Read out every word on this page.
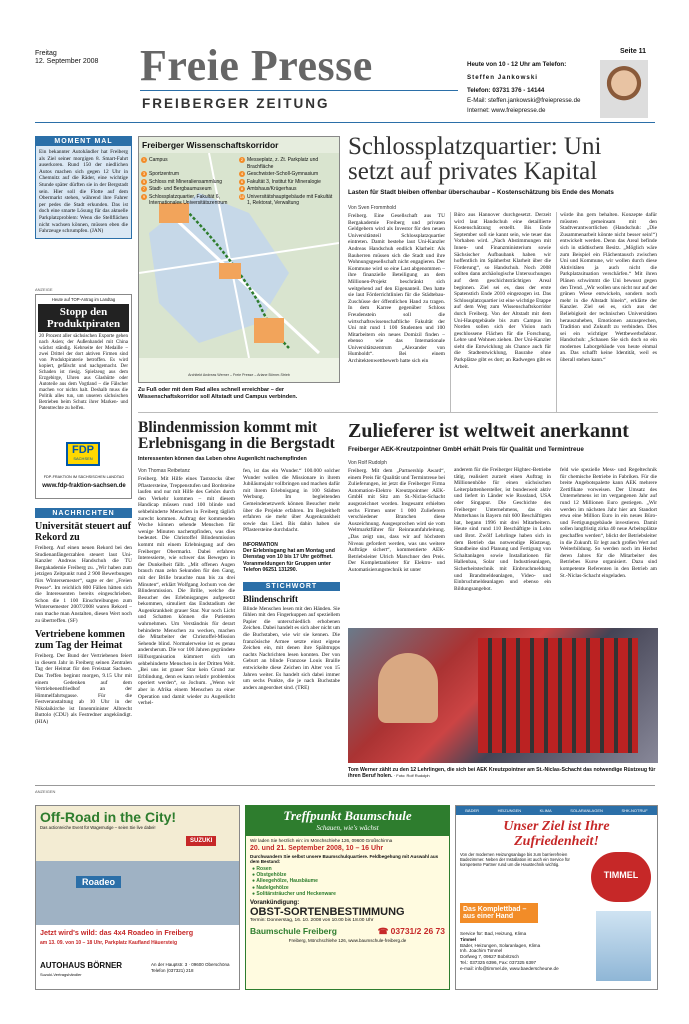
Freitag
12. September 2008 Freie Presse
FREIBERGER ZEITUNG
Seite 11
Heute von 10 - 12 Uhr am Telefon:
Steffen Jankowski
Telefon: 03731 376 - 14144
E-Mail: steffen.jankowski@freiepresse.de
Internet: www.freiepresse.de
MOMENT MAL
Ein bekannter Autohändler hat Freiberg als Ziel seiner morgigen 8. Smart-Fahrt auserkoren. Rund 150 der niedlichen Autos machen sich gegen 12 Uhr in Chemnitz auf die Räder, eine wichtige Stunde später dürften sie in der Bergstadt sein. Hier soll die Flotte auf dem Obermarkt stehen, während ihre Fahrer per pedes die Stadt erkunden. Das ist doch eine smarte Lösung für das aktuelle Parkplatzproblem: Wenn die Stellflächen nicht wachsen können, müssen eben die Fahrzeuge schrumpfen. (JAN)
ANZEIGE
Heute auf TOP-Antrag im Landtag
Stopp den
Produktpiraten
20 Prozent aller sächsischen Exporte gehen nach Asien; der Außenhandel mit China wächst ständig. Kehrseite der Medaille – zwei Drittel der dort aktiven Firmen sind von Produktpiraterie betroffen. Es wird kopiert, gefälscht und nachgemacht. Der Schaden ist riesig. Spielzeug aus dem Erzgebirge, Uhren aus Glashütte oder Autoteile aus dem Vogtland – die Fälscher machen vor nichts halt. Deshalb muss die Politik alles tun, um unseren sächsischen Betrieben beim Schutz ihrer Marken- und Patentrechte zu helfen.
FDP
SACHSEN
FDP-FRAKTION IM SÄCHSISCHEN LANDTAG
www.fdp-fraktion-sachsen.de
NACHRICHTEN
Universität steuert auf Rekord zu
Freiberg. Auf einen neuen Rekord bei den Studienanfängerzahlen steuert laut Uni-Kanzler Andreas Handschuh die TU Bergakademie Freiberg zu. „Wir haben zum jetzigen Zeitpunkt rund 2 900 Bewerbungen fürs Wintersemester“, sagte er der „Freien Presse“. Im reichlich 800 Fällen hätten sich die Interessenten bereits eingeschrieben. Schon die 1 100 Einschreibungen zum Wintersemester 2007/2008 waren Rekord – nun mache man Anstalten, diesen Wert noch zu übertreffen. (SF)
Vertriebene kommen zum Tag der Heimat
Freiberg. Der Bund der Vertriebenen feiert in diesem Jahr in Freiberg seinen Zentralen Tag der Heimat für den Freistaat Sachsen. Das Treffen beginnt morgen, 9.15 Uhr mit einem Gedenken auf dem Vertriebenenfriedhof an der Himmelfahrtsgasse. Für die Festveranstaltung ab 10 Uhr in der Nikolaikirche ist Innenminister Albrecht Buttolo (CDU) als Festredner angekündigt. (HIA)
Freiberger Wissenschaftskorridor
1 Campus	2 Messeplatz, z. Zt. Parkplatz und Brachfläche
3 Sportzentrum	4 Geschwister-Scholl-Gymnasium
5 Schloss mit Mineraliensammlung	6 Fakultät 3, Institut für Mineralogie
7 Stadt- und Bergbaumuseum	8 Amtshaus/Krügerhaus
9 Schlossplatzquartier, Fakultät 6, Internationales Universitätszentrum
10 Universitätshauptgebäude mit Fakultät 1, Rektorat, Verwaltung
Architekt Andreas Werner – Freie Presse – Ariane Börner-Strieb
Zu Fuß oder mit dem Rad alles schnell erreichbar – der Wissenschaftskorridor soll Altstadt und Campus verbinden.
Schlossplatzquartier: Uni
setzt auf privates Kapital
Lasten für Stadt bleiben offenbar überschaubar – Kostenschätzung bis Ende des Monats
Von Sven Frommhold
Freiberg. Eine Gesellschaft aus TU Bergakademie Freiberg und privaten Geldgebern wird als Investor für den neuen Universitätsteil Schlossplatzquartier eintreten. Damit bestehe laut Uni-Kanzler Andreas Handschuh endlich Klarheit: Als Bauherren müssen sich die Stadt und ihre Wohnungsgesellschaft nicht engagieren. Der Kommune wird so eine Last abgenommen – ihre finanzielle Beteiligung an dem Millionen-Projekt beschränkt sich weitgehend auf den Eigenanteil. Den hatte sie laut Förderrichtlinien für die Städtebau-Zuschüsse der öffentlichen Hand zu tragen. In dem Karree gegenüber Schloss Freudenstein soll die wirtschaftswissenschaftliche Fakultät der Uni mit rund 1 100 Studenten und 100 Mitarbeitern ein neues Domizil finden – ebenso wie das Internationale Universitätszentrum „Alexander von Humboldt“. Bei einem Architektenwettbewerb hatte sich ein
Büro aus Hannover durchgesetzt. Derzeit wird laut Handschuh eine detaillierte Kostenschätzung erstellt. Bis Ende September soll sie kannt sein, wie teuer das Vorhaben wird. „Nach Abstimmungen mit Innen- und Finanzministerium sowie Sächsischer Aufbaubank haben wir hoffentlich im Spätherbst Klarheit über die Förderung“, so Handschuh. Noch 2008 sollten dann archäologische Untersuchungen auf dem geschichtsträchtigen Areal beginnen. Ziel sei es, dass der erste Spatenstich Ende 2010 eingezogen ist. Das Schlossplatzquartier ist eine wichtige Etappe auf dem Weg zum Wissenschaftskorridor durch Freiberg. Von der Altstadt mit dem Uni-Hauptgebäude bis zum Campus im Norden sollen sich der Vision nach geschlossene Flächen für die Forschung, Lehre und Wohnen ziehen. Der Uni-Kanzler sieht die Entwicklung als Chance auch für die Stadtentwicklung, Baurahe ohne Parkplätze gibt es dort; an Radwegen gibt es Arbeit.
würde ihn gern behalten. Konzepte dafür müssten gemeinsam mit den Stadtverantwortlichen (Handschuh: „Die Zusammenarbeit könnte nicht besser sein!“) entwickelt werden. Denn das Areal befinde sich in städtischem Besitz. „Möglich wäre zum Beispiel ein Flächentausch zwischen Uni und Kommune, wir wollen durch diese Aktivitäten ja auch nicht die Parkplatzsituation verschärfen.“ Mit ihren Plänen schwimmt die Uni bewusst gegen den Trend. „Wir wollen uns nicht nur auf der grünen Wiese entwickeln, sondern noch mehr in die Altstadt hinein“, erklärte der Kanzler. Ziel sei es, sich aus der Beliebigkeit der technischen Universitäten herauszuheben, Emotionen anzusprechen, Tradition und Zukunft zu verbinden. Dies sei ein wichtiger Wettbewerbsfaktor. Handschuh: „Schauen Sie sich doch so ein modernes Laborgebäude von heute einmal an. Das schafft keine Identität, weil es überall stehen kann.“
Blindenmission kommt mit
Erlebnisgang in die Bergstadt
Interessenten können das Leben ohne Augenlicht nachempfinden
Von Thomas Reibetanz
Freiberg. Mit Hilfe eines Taststocks über Pflastersteine, Treppenstufen und Bordsteine laufen und nur mit Hilfe des Gehörs durch den Verkehr kommen – mit diesem Handicap müssen rund 100 blinde und sehbehinderte Menschen in Freiberg täglich zurecht kommen. Auftrag der kommenden Woche können sehende Menschen für wenige Minuten nachempfinden, was dies bedeutet. Die Christoffel Blindenmission kommt mit einem Erlebnisgang auf den Freiberger Obermarkt. Dabei erfahren Interessierte, wie schwer das Bewegen in der Dunkelheit fällt. „Mit offenen Augen brauch man zehn Sekunden für den Gang, mit der Brille brauchte man bis zu drei Minuten“, erklärt Wolfgang Jochum von der Blindenmission. Die Brille, welche die Besucher des Erlebnisganges aufgesetzt bekommen, simuliert das Endstadium der Augenkrankheit grauer Star. Nur noch Licht und Schatten können die Patienten wahrnehmen. Um Verständnis für derart behinderte Menschen zu wecken, machen die Mitarbeiter der Christoffel-Mission Sehende blind. Normalerweise ist es genau andersherum. Die vor 100 Jahren gegründete Hilfsorganisation kümmert sich um sehbehinderte Menschen in der Dritten Welt. „Bei uns ist grauer Star kein Grund zur Erblindung, denn es kann relativ problemlos operiert werden“, so Jochum. „Wenn wir aber in Afrika einem Menschen zu einer Operation und damit wieder zu Augenlicht verhel-
fen, ist das ein Wunder.“ 100.000 solcher Wunder wollen die Missionare in ihrem Jubiläumsjahr vollbringen und machen dafür mit ihrem Erlebnisgang in 100 Städten Werbung. Im begleitenden Gemeindenetzwerk können Besucher mehr über die Projekte erfahren. Im Begleitheft erfahren sie mehr über Augenkrankheit sowie das Lied. Bis dahin haben sie Pflastersteine durchdacht.
INFORMATION
Der Erlebnisgang hat am Montag und Dienstag von 10 bis 17 Uhr geöffnet. Voranmeldungen für Gruppen unter Telefon 06251 131290.
STICHWORT
Blindenschrift
Blinde Menschen lesen mit den Händen. Sie fühlen mit den Fingerkuppen auf speziellem Papier die unterschiedlich erhobenen Zeichen. Dabei handelt es sich aber nicht um die Buchstaben, wie wir sie kennen. Die französische Armee setzte einst eigene Zeichen ein, mit denen ihre Spähtrupps nachts Nachrichten lesen konnten. Der von Geburt an blinde Franzose Louis Braille entwickelte diese Zeichen im Alter von 15 Jahren weiter. Es handelt sich dabei immer um sechs Punkte, die je nach Buchstabe anders angeordnet sind. (TRE)
Zulieferer ist weltweit anerkannt
Freiberger AEK-Kreutzpointner GmbH erhält Preis für Qualität und Termintreue
Von Rolf Rudolph
Freiberg. Mit dem „Partnership Award“, einem Preis für Qualität und Termintreue bei Zulieferungen, ist jetzt die Freiberger Firma Automation-Elektro Kreutzpointner AEK-GmbH mit Sitz am St.-Niclas-Schacht ausgezeichnet worden. Insgesamt erhielten sechs Firmen unter 1 000 Zulieferern verschiedener Branchen diese Auszeichnung. Ausgesprochen wird sie vom Weltmarktführer für Reinraumfahrleitung. „Das zeigt uns, dass wir auf höchstem Niveau gefordert werden, was uns weitere Aufträge sichert“, kommentierte AEK-Betriebsleiter Ulrich Marschner den Preis. Der Komplettanbieter für Elektro- und Automatisierungstechnik ist unter
anderem für die Freiberger Hightec-Betriebe tätig, realisiert zurzeit einen Auftrag in Millionenhöhe für einen süchsischen Leiterplattenhersteller, ist bundesweit aktiv und liefert in Länder wie Russland, USA oder Singapur. Die Geschichte des Freiberger Unternehmens, das ein Mutterhaus in Bayern mit 600 Beschäftigten hat, begann 1996 mit drei Mitarbeitern. Heute sind rund 110 Beschäftigte in Lohn und Brot. Zwölf Lehrlinge haben sich in dem Betrieb das notwendige Rüstzeug. Standbeine sind Planung und Fertigung von Schaltanlagen sowie Installationen für Hallenbau, Solar und Industrieanlagen, Sicherheitstechnik mit Einbruchmeldung und Brandmeldeanlagen, Video- und Einbruchmeldeanlagen und ebenso ein Bildungsangebot.
feld wie spezielle Mess- und Regeltechnik für chemische Betriebe in Fabriken. Für die breite Angebotspalette kann AEK mehrere Zertifikate vorweisen. Der Umsatz des Unternehmens ist im vergangenen Jahr auf rund 12 Millionen Euro gestiegen. „Wir werden im nächsten Jahr hier am Standort etwa eine Million Euro in ein neues Büro- und Fertigungsgebäude investieren. Damit sollen langfristig zirka 40 neue Arbeitsplätze geschaffen werden“, blickt der Betriebsleiter in die Zukunft. Er legt auch großen Wert auf Weiterbildung. So werden noch im Herbst deren Jahres für die Mitarbeiter des Betriebes Kurse organisiert. Dazu sind kompetente Referenten in den Betrieb am St.-Niclas-Schacht eingeladen.
Tom Werner zählt zu den 12 Lehrlingen, die sich bei AEK Kreutzpointner am St.-Niclas-Schacht das notwendige Rüstzeug für ihren Beruf holen. · Foto: Rolf Rudolph
ANZEIGEN
Off-Road in the City!
Das actionreiche Event für Wagemutige – seien Sie live dabei!
SUZUKI
Roadeo
Jetzt wird's wild: das 4x4 Roadeo in Freiberg
am 13. 09. von 10 – 18 Uhr, Parkplatz Kaufland Häuersteig
AUTOHAUS BÖRNER
Suzuki-Vertragshändler
An der Hauptstr. 3 · 09600 Oberschöna
Telefon (037321) 218
Treffpunkt Baumschule
Schauen, wie's wächst
Wir laden Sie herzlich ein: im Mönchschlehe 126, 09600 Großschirma
20. und 21. September 2008, 10 – 16 Uhr
Durchwandern Sie selbst unsere Baumschulquartiere. Feldbegehung mit Auswahl aus dem Bestand:
● Rosen
● Obstgehölze
● Alleegehölze, Hausbäume
● Nadelgehölze
● Solitärsträucher und Heckenware
Vorankündigung:
OBST-SORTENBESTIMMUNG
Termin: Donnerstag, 16. 10. 2008 von 10.00 bis 18.00 Uhr
Baumschule Freiberg	☎ 03731/2 26 73
Freiberg, Mönchschlehe 126, www.baumschule-freiberg.de
BÄDER	HEIZUNGEN	KLIMA	SOLARANLAGEN	SHK-NOTRUF
Unser Ziel ist Ihre
Zufriedenheit!
Von der modernen Heizungsanlage bis zum barrierefreien Badezimmer. Neben der Installation ist auch ein Service für kompetente Partner rund um die Haustechnik wichtig.
TIMMEL
Das Komplettbad – aus einer Hand
Service für: Bad, Heizung, Klima
Timmel
Bäder, Heizungen, Solaranlagen, Klima
Inh. Joachim Timmel
Dorfweg 7, 09627 Bobritzsch
Tel.: 037325 6396, Fax: 037325 6397
e-mail: info@timmel.de, www.baederscheune.de
